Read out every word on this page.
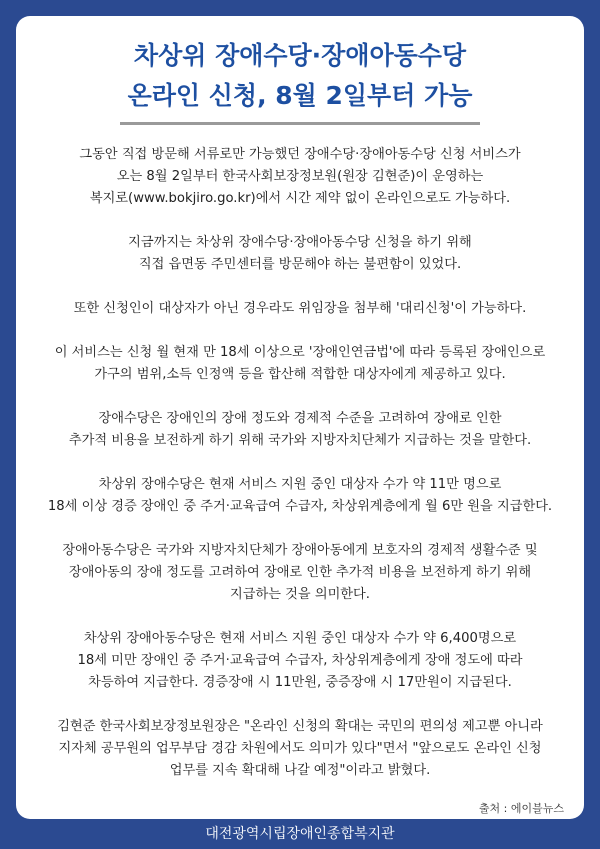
차상위 장애수당·장애아동수당
온라인 신청, 8월 2일부터 가능

그동안 직접 방문해 서류로만 가능했던 장애수당·장애아동수당 신청 서비스가
오는 8월 2일부터 한국사회보장정보원(원장 김현준)이 운영하는
복지로(www.bokjiro.go.kr)에서 시간 제약 없이 온라인으로도 가능하다.

지금까지는 차상위 장애수당·장애아동수당 신청을 하기 위해
직접 읍면동 주민센터를 방문해야 하는 불편함이 있었다.

또한 신청인이 대상자가 아닌 경우라도 위임장을 첨부해 '대리신청'이 가능하다.

이 서비스는 신청 월 현재 만 18세 이상으로 '장애인연금법'에 따라 등록된 장애인으로
가구의 범위,소득 인정액 등을 합산해 적합한 대상자에게 제공하고 있다.

장애수당은 장애인의 장애 정도와 경제적 수준을 고려하여 장애로 인한
추가적 비용을 보전하게 하기 위해 국가와 지방자치단체가 지급하는 것을 말한다.

차상위 장애수당은 현재 서비스 지원 중인 대상자 수가 약 11만 명으로
18세 이상 경증 장애인 중 주거·교육급여 수급자, 차상위계층에게 월 6만 원을 지급한다.

장애아동수당은 국가와 지방자치단체가 장애아동에게 보호자의 경제적 생활수준 및
장애아동의 장애 정도를 고려하여 장애로 인한 추가적 비용을 보전하게 하기 위해
지급하는 것을 의미한다.

차상위 장애아동수당은 현재 서비스 지원 중인 대상자 수가 약 6,400명으로
18세 미만 장애인 중 주거·교육급여 수급자, 차상위계층에게 장애 정도에 따라
차등하여 지급한다. 경증장애 시 11만원, 중증장애 시 17만원이 지급된다.

김현준 한국사회보장정보원장은 "온라인 신청의 확대는 국민의 편의성 제고뿐 아니라
지자체 공무원의 업무부담 경감 차원에서도 의미가 있다"면서 "앞으로도 온라인 신청
업무를 지속 확대해 나갈 예정"이라고 밝혔다.

출처 : 에이블뉴스
대전광역시립장애인종합복지관
